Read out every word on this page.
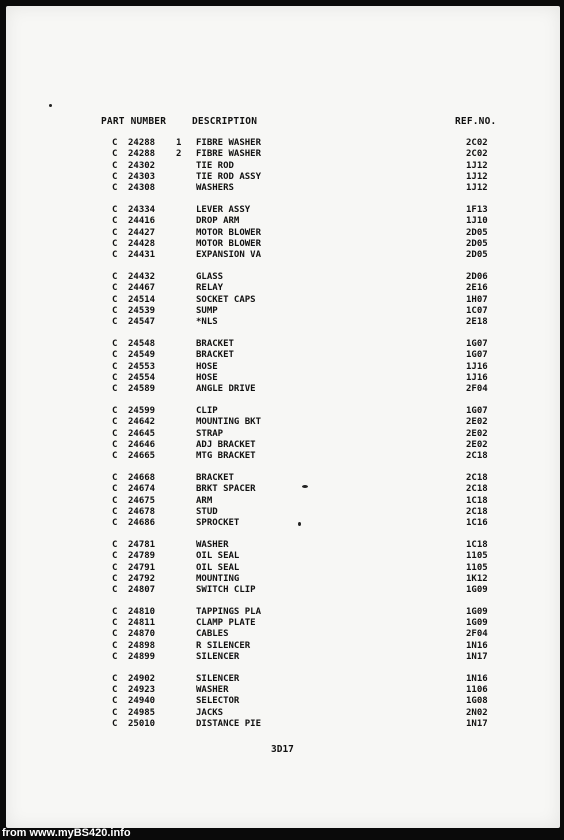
PART NUMBER	DESCRIPTION	REF.NO.
C 24288 1 FIBRE WASHER	2C02
C 24288 2 FIBRE WASHER	2C02
C 24302	TIE ROD	1J12
C 24303	TIE ROD ASSY	1J12
C 24308	WASHERS	1J12
C 24334	LEVER ASSY	1F13
C 24416	DROP ARM	1J10
C 24427	MOTOR BLOWER	2D05
C 24428	MOTOR BLOWER	2D05
C 24431	EXPANSION VA	2D05
C 24432	GLASS	2D06
C 24467	RELAY	2E16
C 24514	SOCKET CAPS	1H07
C 24539	SUMP	1C07
C 24547	*NLS	2E18
C 24548	BRACKET	1G07
C 24549	BRACKET	1G07
C 24553	HOSE	1J16
C 24554	HOSE	1J16
C 24589	ANGLE DRIVE	2F04
C 24599	CLIP	1G07
C 24642	MOUNTING BKT	2E02
C 24645	STRAP	2E02
C 24646	ADJ BRACKET	2E02
C 24665	MTG BRACKET	2C18
C 24668	BRACKET	2C18
C 24674	BRKT SPACER	2C18
C 24675	ARM	1C18
C 24678	STUD	2C18
C 24686	SPROCKET	1C16
C 24781	WASHER	1C18
C 24789	OIL SEAL	1105
C 24791	OIL SEAL	1105
C 24792	MOUNTING	1K12
C 24807	SWITCH CLIP	1G09
C 24810	TAPPINGS PLA	1G09
C 24811	CLAMP PLATE	1G09
C 24870	CABLES	2F04
C 24898	R SILENCER	1N16
C 24899	SILENCER	1N17
C 24902	SILENCER	1N16
C 24923	WASHER	1106
C 24940	SELECTOR	1G08
C 24985	JACKS	2N02
C 25010	DISTANCE PIE	1N17
3D17
from www.myBS420.info
